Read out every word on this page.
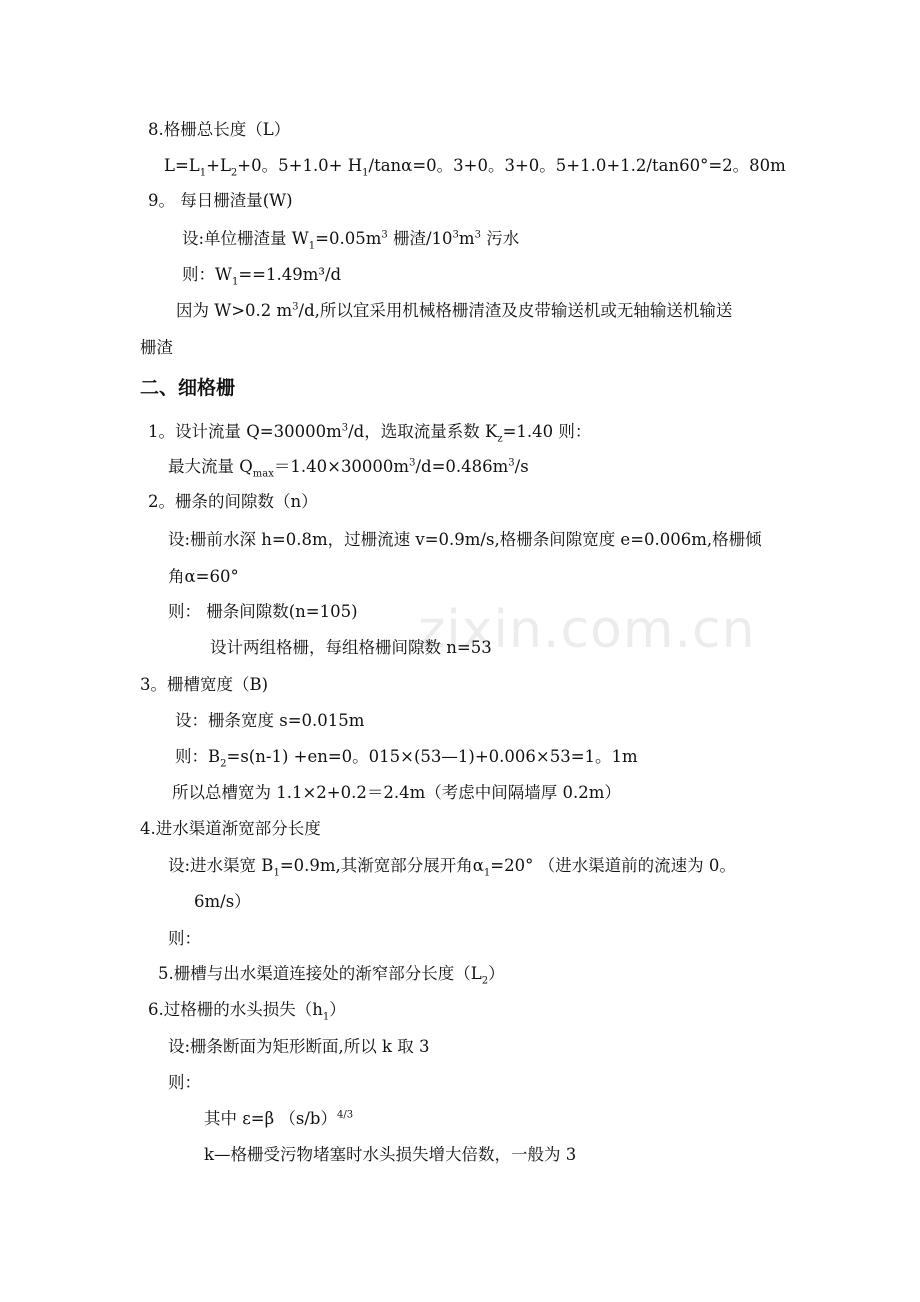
8.格栅总长度（L）
$L=L_1+L_2+0$。$5+1.0+ H_1/\tan\alpha=0$。3+0。3+0。5+1.0+1.2/tan60°=2。80m
9。 每日栅渣量(W)
设:单位栅渣量 $W_1=0.05m^3$ 栅渣$/10^3m^3$ 污水
则：$W_1==1.49m^3/d$
因为 W>0.2 $m^3/d$,所以宜采用机械格栅清渣及皮带输送机或无轴输送机输送
栅渣
二、细格栅
1。设计流量 $Q=30000m^3/d$，选取流量系数 $K_z=1.40$ 则：
最大流量 $Q_{max}=1.40\times 30000m^3/d=0.486m^3/s$
2。栅条的间隙数（n）
设:栅前水深 h=0.8m，过栅流速 v=0.9m/s,格栅条间隙宽度 e=0.006m,格栅倾
角α=60°
则： 栅条间隙数(n=105)
设计两组格栅，每组格栅间隙数 n=53
3。栅槽宽度（B)
设：栅条宽度 s=0.015m
则：$B_2=s(n-1) +en=0$。015×(53—1)+0.006×53=1。1m
所以总槽宽为 1.1×2+0.2＝2.4m（考虑中间隔墙厚 0.2m）
4.进水渠道渐宽部分长度
设:进水渠宽 $B_1=0.9m$,其渐宽部分展开角$\alpha_1=20^\circ$ （进水渠道前的流速为 0。
6m/s）
则：
5.栅槽与出水渠道连接处的渐窄部分长度$(L_2)$
6.过格栅的水头损失$(h_1)$
设:栅条断面为矩形断面,所以 k 取 3
则：
其中 ε=β $(s/b)^{4/3}$
k—格栅受污物堵塞时水头损失增大倍数，一般为 3
zixin.com.cn
